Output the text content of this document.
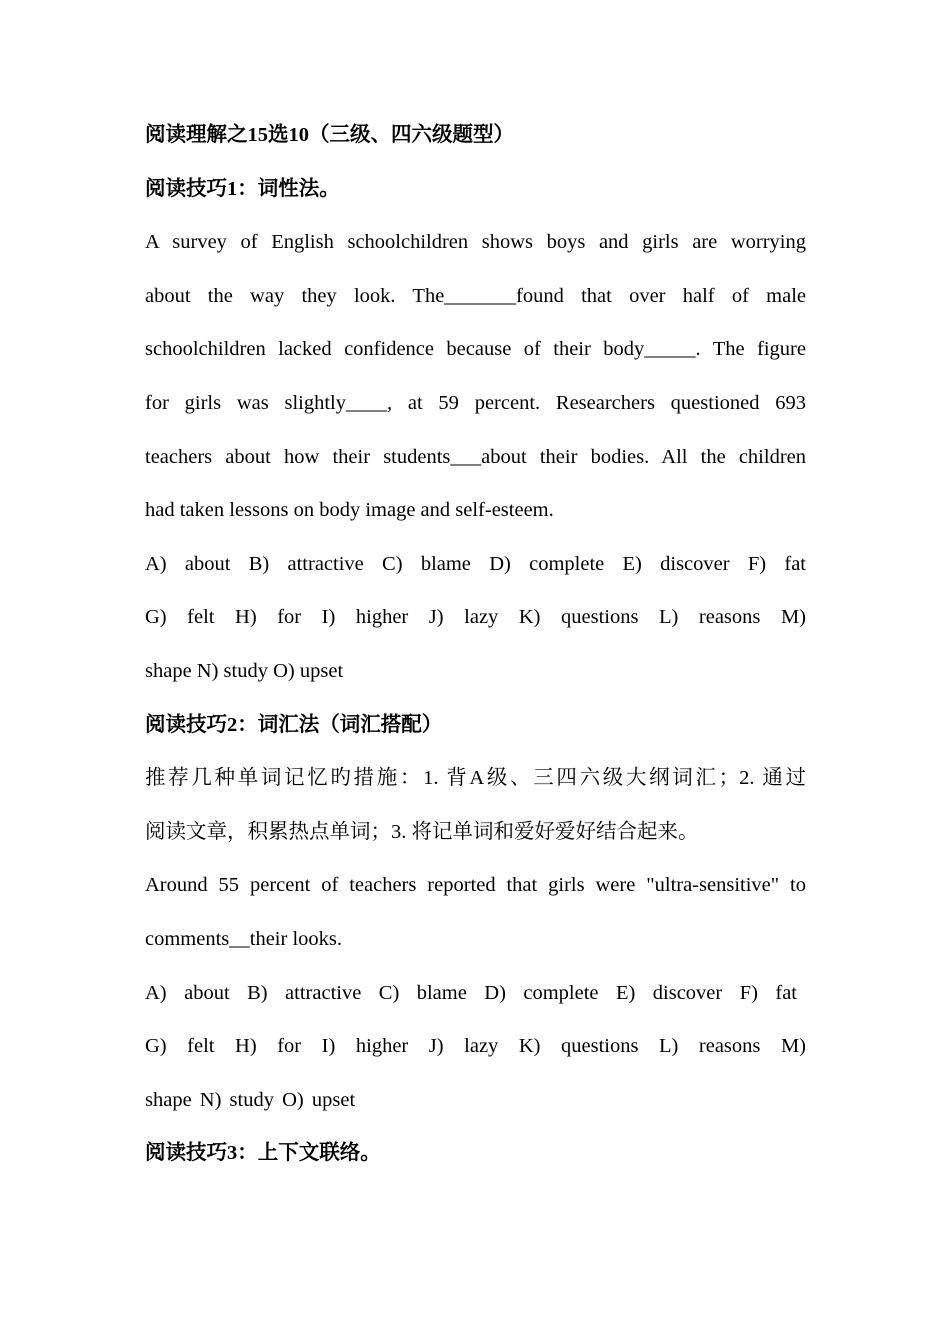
阅读理解之15选10（三级、四六级题型）
阅读技巧1：词性法。
A survey of English schoolchildren shows boys and girls are worrying
about the way they look. The_______found that over half of male
schoolchildren lacked confidence because of their body_____. The figure
for girls was slightly____, at 59 percent. Researchers questioned 693
teachers about how their students___about their bodies. All the children
had taken lessons on body image and self-esteem.
A) about B) attractive C) blame D) complete E) discover F) fat
G) felt H) for I) higher J) lazy K) questions L) reasons M)
shape N) study O) upset
阅读技巧2：词汇法（词汇搭配）
推荐几种单词记忆旳措施：1. 背A级、三四六级大纲词汇；2. 通过
阅读文章，积累热点单词；3. 将记单词和爱好爱好结合起来。
Around 55 percent of teachers reported that girls were "ultra-sensitive" to
comments__their looks.
A) about B) attractive C) blame D) complete E) discover F) fat
G) felt H) for I) higher J) lazy K) questions L) reasons M)
shape N) study O) upset
阅读技巧3：上下文联络。
